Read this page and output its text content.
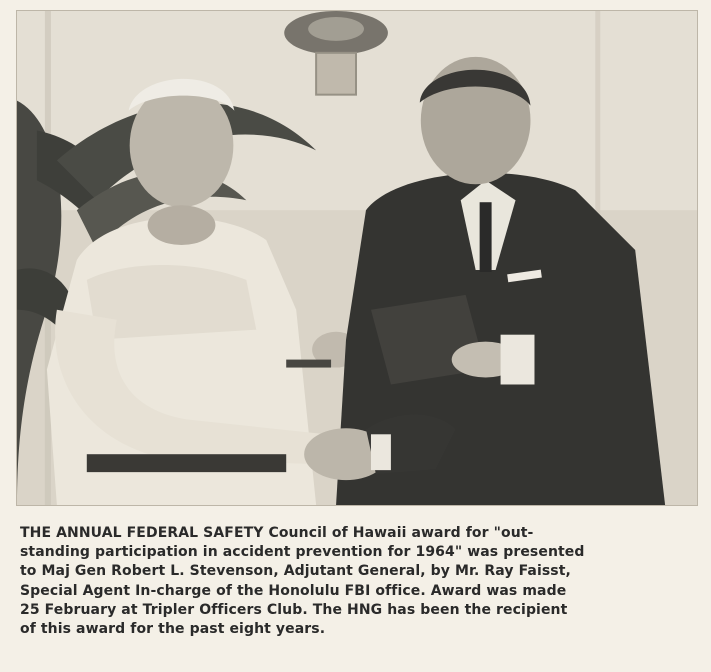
THE ANNUAL FEDERAL SAFETY Council of Hawaii award for "out-
standing participation in accident prevention for 1964" was presented
to Maj Gen Robert L. Stevenson, Adjutant General, by Mr. Ray Faisst,
Special Agent In-charge of the Honolulu FBI office. Award was made
25 February at Tripler Officers Club. The HNG has been the recipient
of this award for the past eight years.
